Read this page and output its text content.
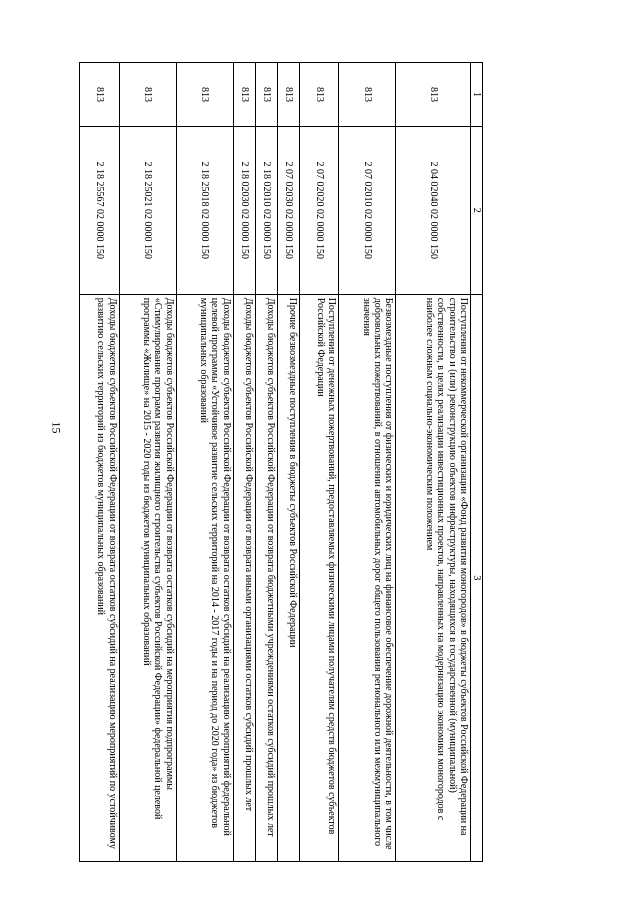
15
1	2	3
813	2 04 02040 02 0000 150	Поступления от некоммерческой организации «Фонд развития моногородов» в бюджеты субъектов Российской Федерации на строительство и (или) реконструкцию объектов инфраструктуры, находящихся в государственной (муниципальной) собственности, в целях реализации инвестиционных проектов, направленных на модернизацию экономики моногородов с наиболее сложным социально-экономическим положением
813	2 07 02010 02 0000 150	Безвозмездные поступления от физических и юридических лиц на финансовое обеспечение дорожной деятельности, в том числе добровольных пожертвований, в отношении автомобильных дорог общего пользования регионального или межмуниципального значения
813	2 07 02020 02 0000 150	Поступления от денежных пожертвований, предоставляемых физическими лицами получателям средств бюджетов субъектов Российской Федерации
813	2 07 02030 02 0000 150	Прочие безвозмездные поступления в бюджеты субъектов Российской Федерации
813	2 18 02010 02 0000 150	Доходы бюджетов субъектов Российской Федерации от возврата бюджетными учреждениями остатков субсидий прошлых лет
813	2 18 02030 02 0000 150	Доходы бюджетов субъектов Российской Федерации от возврата иными организациями остатков субсидий прошлых лет
813	2 18 25018 02 0000 150	Доходы бюджетов субъектов Российской Федерации от возврата остатков субсидий на реализацию мероприятий федеральной целевой программы «Устойчивое развитие сельских территорий на 2014 - 2017 годы и на период до 2020 года» из бюджетов муниципальных образований
813	2 18 25021 02 0000 150	Доходы бюджетов субъектов Российской Федерации от возврата остатков субсидий на мероприятия подпрограммы «Стимулирование программ развития жилищного строительства субъектов Российской Федерации» федеральной целевой программы «Жилище» на 2015 - 2020 годы из бюджетов муниципальных образований
813	2 18 25567 02 0000 150	Доходы бюджетов субъектов Российской Федерации от возврата остатков субсидий на реализацию мероприятий по устойчивому развитию сельских территорий из бюджетов муниципальных образований
